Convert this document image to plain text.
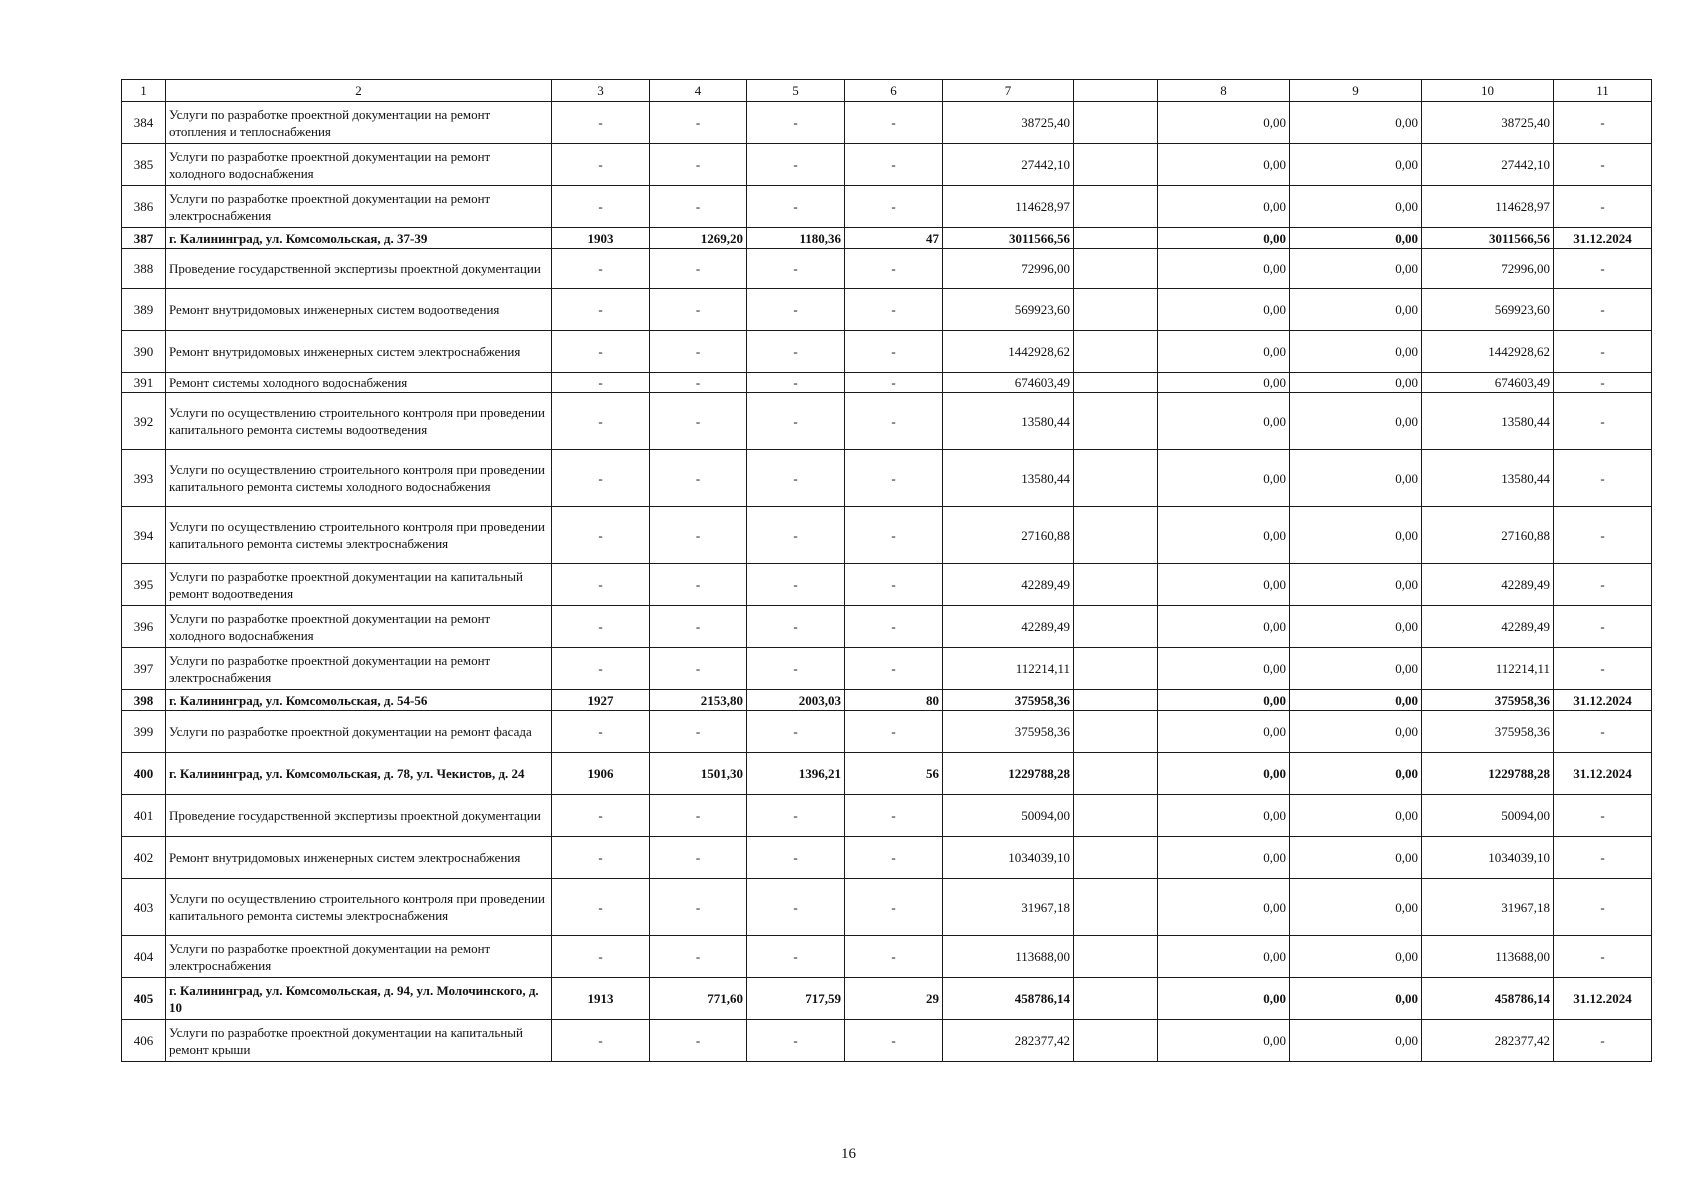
1	2	3	4	5	6	7		8	9	10	11
384	Услуги по разработке проектной документации на ремонт отопления и теплоснабжения	-	-	-	-	38725,40		0,00	0,00	38725,40	-
385	Услуги по разработке проектной документации на ремонт холодного водоснабжения	-	-	-	-	27442,10		0,00	0,00	27442,10	-
386	Услуги по разработке проектной документации на ремонт электроснабжения	-	-	-	-	114628,97		0,00	0,00	114628,97	-
387	г. Калининград, ул. Комсомольская, д. 37-39	1903	1269,20	1180,36	47	3011566,56		0,00	0,00	3011566,56	31.12.2024
388	Проведение государственной экспертизы проектной документации	-	-	-	-	72996,00		0,00	0,00	72996,00	-
389	Ремонт внутридомовых инженерных систем водоотведения	-	-	-	-	569923,60		0,00	0,00	569923,60	-
390	Ремонт внутридомовых инженерных систем электроснабжения	-	-	-	-	1442928,62		0,00	0,00	1442928,62	-
391	Ремонт системы холодного водоснабжения	-	-	-	-	674603,49		0,00	0,00	674603,49	-
392	Услуги по осуществлению строительного контроля при проведении капитального ремонта системы водоотведения	-	-	-	-	13580,44		0,00	0,00	13580,44	-
393	Услуги по осуществлению строительного контроля при проведении капитального ремонта системы холодного водоснабжения	-	-	-	-	13580,44		0,00	0,00	13580,44	-
394	Услуги по осуществлению строительного контроля при проведении капитального ремонта системы электроснабжения	-	-	-	-	27160,88		0,00	0,00	27160,88	-
395	Услуги по разработке проектной документации на капитальный ремонт водоотведения	-	-	-	-	42289,49		0,00	0,00	42289,49	-
396	Услуги по разработке проектной документации на ремонт холодного водоснабжения	-	-	-	-	42289,49		0,00	0,00	42289,49	-
397	Услуги по разработке проектной документации на ремонт электроснабжения	-	-	-	-	112214,11		0,00	0,00	112214,11	-
398	г. Калининград, ул. Комсомольская, д. 54-56	1927	2153,80	2003,03	80	375958,36		0,00	0,00	375958,36	31.12.2024
399	Услуги по разработке проектной документации на ремонт фасада	-	-	-	-	375958,36		0,00	0,00	375958,36	-
400	г. Калининград, ул. Комсомольская, д. 78, ул. Чекистов, д. 24	1906	1501,30	1396,21	56	1229788,28		0,00	0,00	1229788,28	31.12.2024
401	Проведение государственной экспертизы проектной документации	-	-	-	-	50094,00		0,00	0,00	50094,00	-
402	Ремонт внутридомовых инженерных систем электроснабжения	-	-	-	-	1034039,10		0,00	0,00	1034039,10	-
403	Услуги по осуществлению строительного контроля при проведении капитального ремонта системы электроснабжения	-	-	-	-	31967,18		0,00	0,00	31967,18	-
404	Услуги по разработке проектной документации на ремонт электроснабжения	-	-	-	-	113688,00		0,00	0,00	113688,00	-
405	г. Калининград, ул. Комсомольская, д. 94, ул. Молочинского, д. 10	1913	771,60	717,59	29	458786,14		0,00	0,00	458786,14	31.12.2024
406	Услуги по разработке проектной документации на капитальный ремонт крыши	-	-	-	-	282377,42		0,00	0,00	282377,42	-
16
